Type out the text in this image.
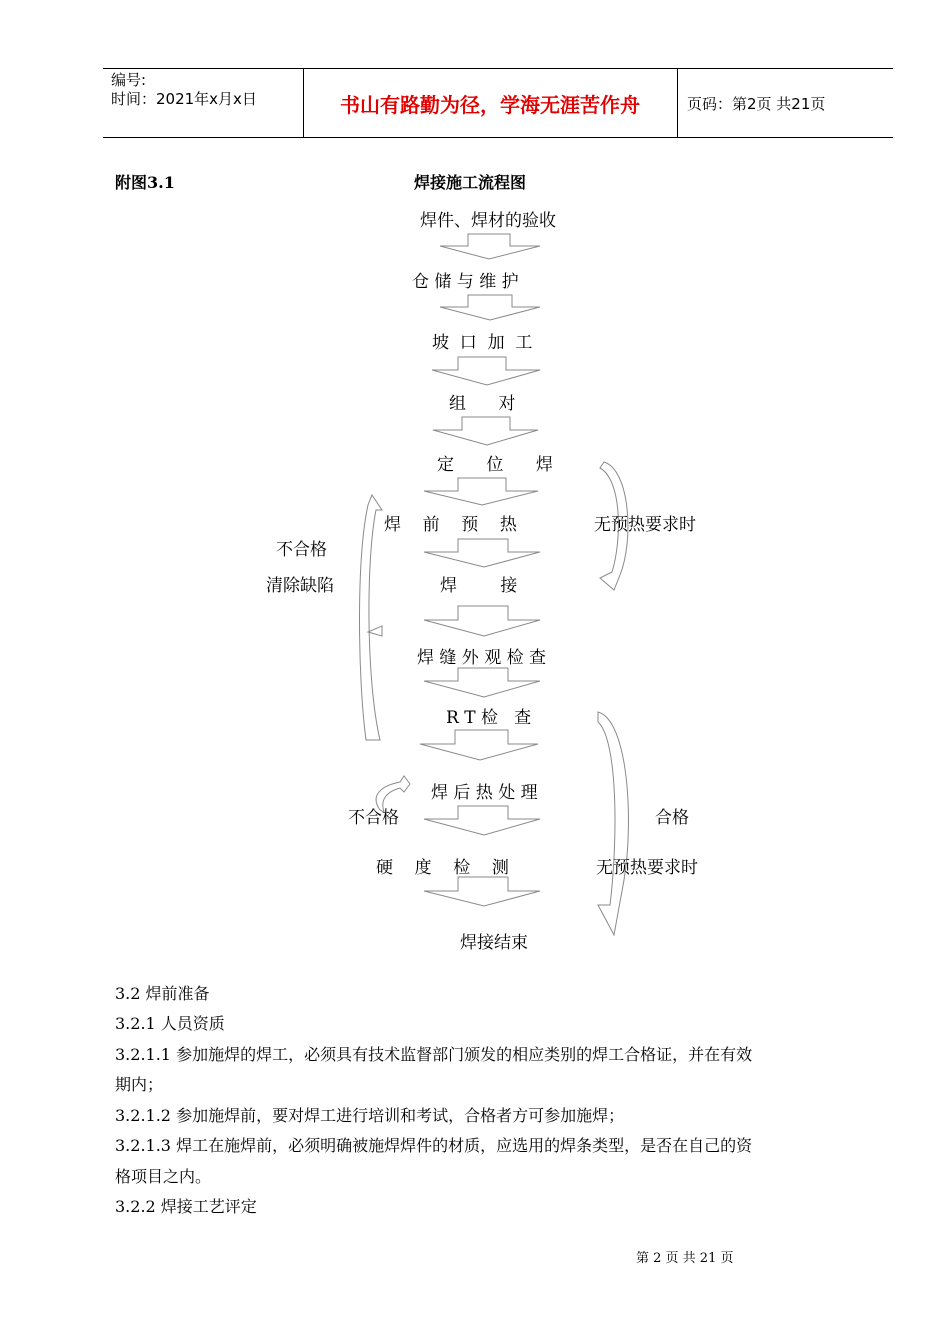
编号:
时间：2021年x月x日	书山有路勤为径，学海无涯苦作舟	页码：第2页 共21页
附图3.1	焊接施工流程图
焊件、焊材的验收
仓 储 与 维 护
坡  口  加  工
组      对
定      位      焊
焊    前    预    热
焊        接
焊 缝 外 观 检 查
R T 检   查
焊 后 热 处 理
硬    度    检    测
焊接结束
不合格
清除缺陷
无预热要求时
不合格	合格
无预热要求时
3.2 焊前准备
3.2.1 人员资质
3.2.1.1 参加施焊的焊工，必须具有技术监督部门颁发的相应类别的焊工合格证，并在有效
期内；
3.2.1.2 参加施焊前，要对焊工进行培训和考试，合格者方可参加施焊；
3.2.1.3 焊工在施焊前，必须明确被施焊焊件的材质，应选用的焊条类型，是否在自己的资
格项目之内。
3.2.2 焊接工艺评定
第 2 页 共 21 页
